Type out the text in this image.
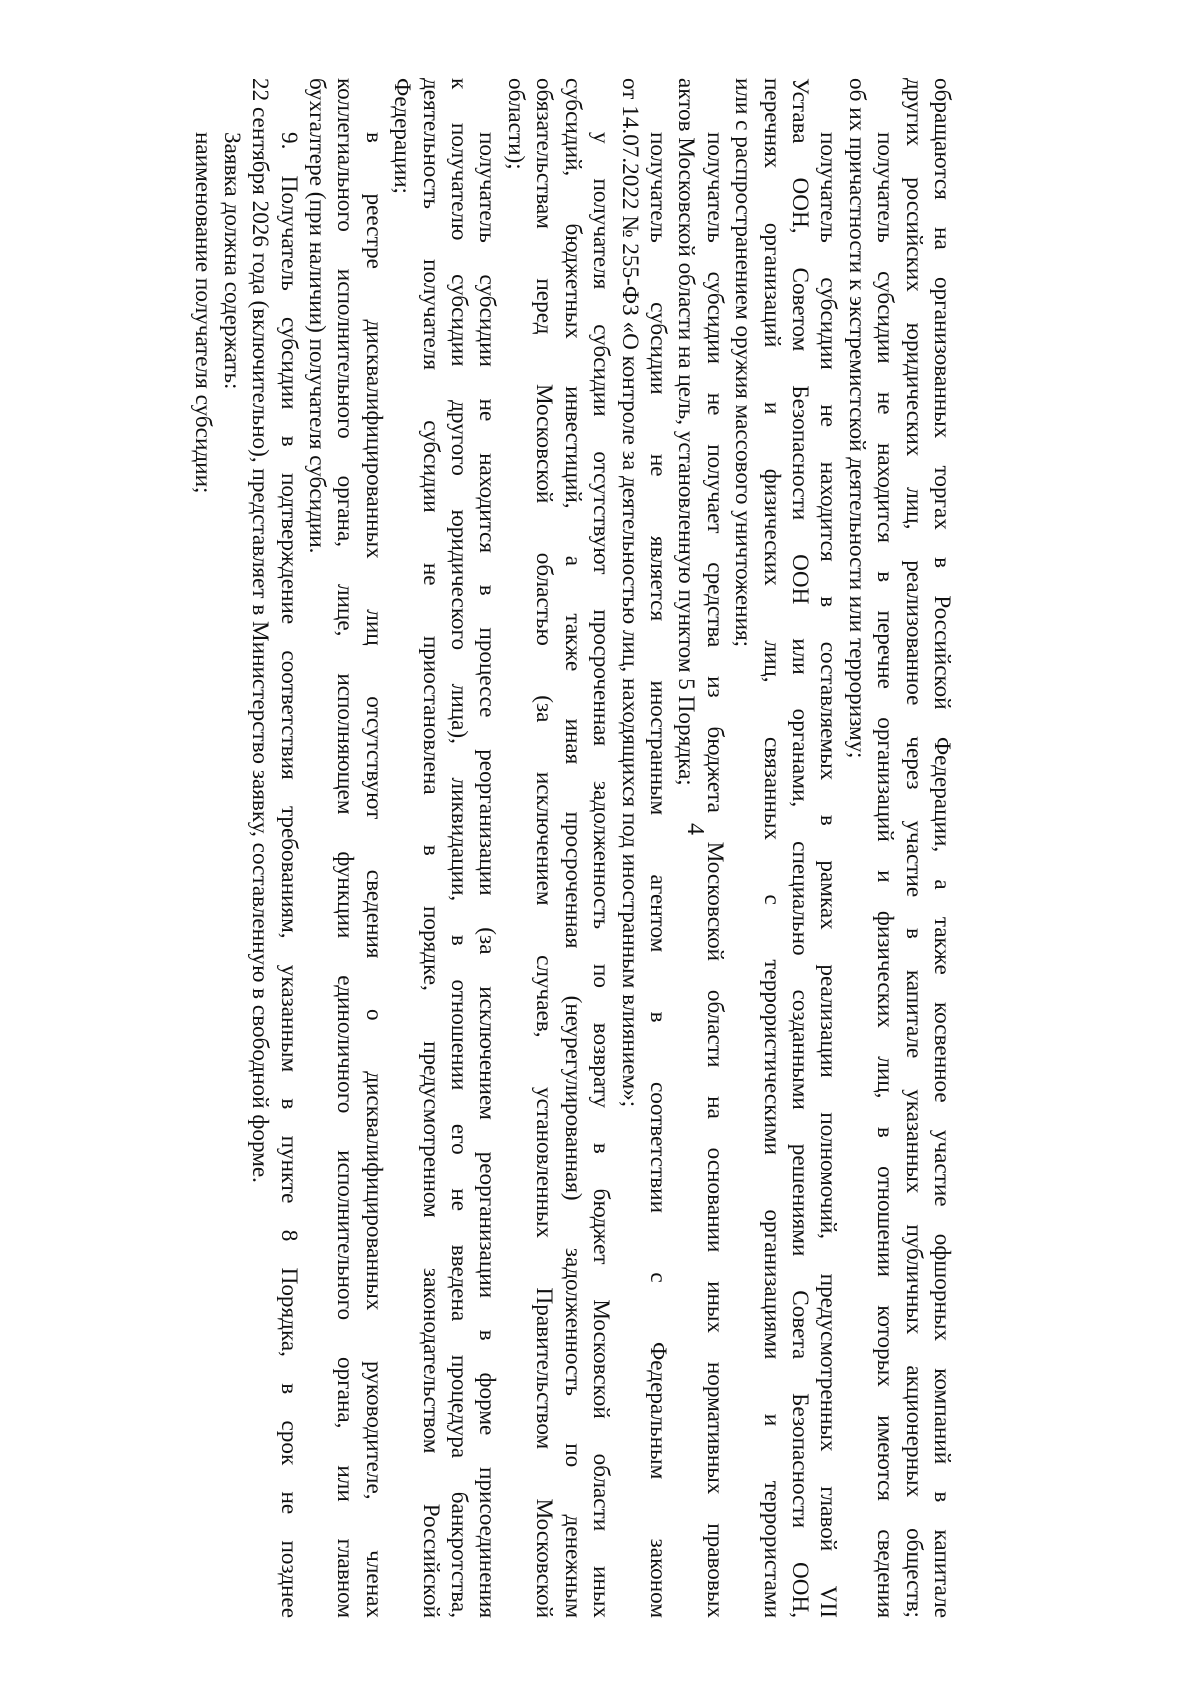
4	обращаются на организованных торгах в Российской Федерации, а также косвенное участие офшорных компаний в капитале

других российских юридических лиц, реализованное через участие в капитале указанных публичных акционерных обществ;

получатель субсидии не находится в перечне организаций и физических лиц, в отношении которых имеются сведения

об их причастности к экстремистской деятельности или терроризму;

получатель субсидии не находится в составляемых в рамках реализации полномочий, предусмотренных главой VII

Устава ООН, Советом Безопасности ООН или органами, специально созданными решениями Совета Безопасности ООН,

перечнях организаций и физических лиц, связанных с террористическими организациями и террористами

или с распространением оружия массового уничтожения;

получатель субсидии не получает средства из бюджета Московской области на основании иных нормативных правовых

актов Московской области на цель, установленную пунктом 5 Порядка;

получатель субсидии не является иностранным агентом в соответствии с Федеральным законом

от 14.07.2022 № 255-ФЗ «О контроле за деятельностью лиц, находящихся под иностранным влиянием»;

у получателя субсидии отсутствуют просроченная задолженность по возврату в бюджет Московской области иных

субсидий, бюджетных инвестиций, а также иная просроченная (неурегулированная) задолженность по денежным

обязательствам перед Московской областью (за исключением случаев, установленных Правительством Московской

области);

получатель субсидии не находится в процессе реорганизации (за исключением реорганизации в форме присоединения

к получателю субсидии другого юридического лица), ликвидации, в отношении его не введена процедура банкротства,

деятельность получателя субсидии не приостановлена в порядке, предусмотренном законодательством Российской

Федерации;

в реестре дисквалифицированных лиц отсутствуют сведения о дисквалифицированных руководителе, членах

коллегиального исполнительного органа, лице, исполняющем функции единоличного исполнительного органа, или главном

бухгалтере (при наличии) получателя субсидии.

9. Получатель субсидии в подтверждение соответствия требованиям, указанным в пункте 8 Порядка, в срок не позднее

22 сентября 2026 года (включительно), представляет в Министерство заявку, составленную в свободной форме.

Заявка должна содержать:

наименование получателя субсидии;
